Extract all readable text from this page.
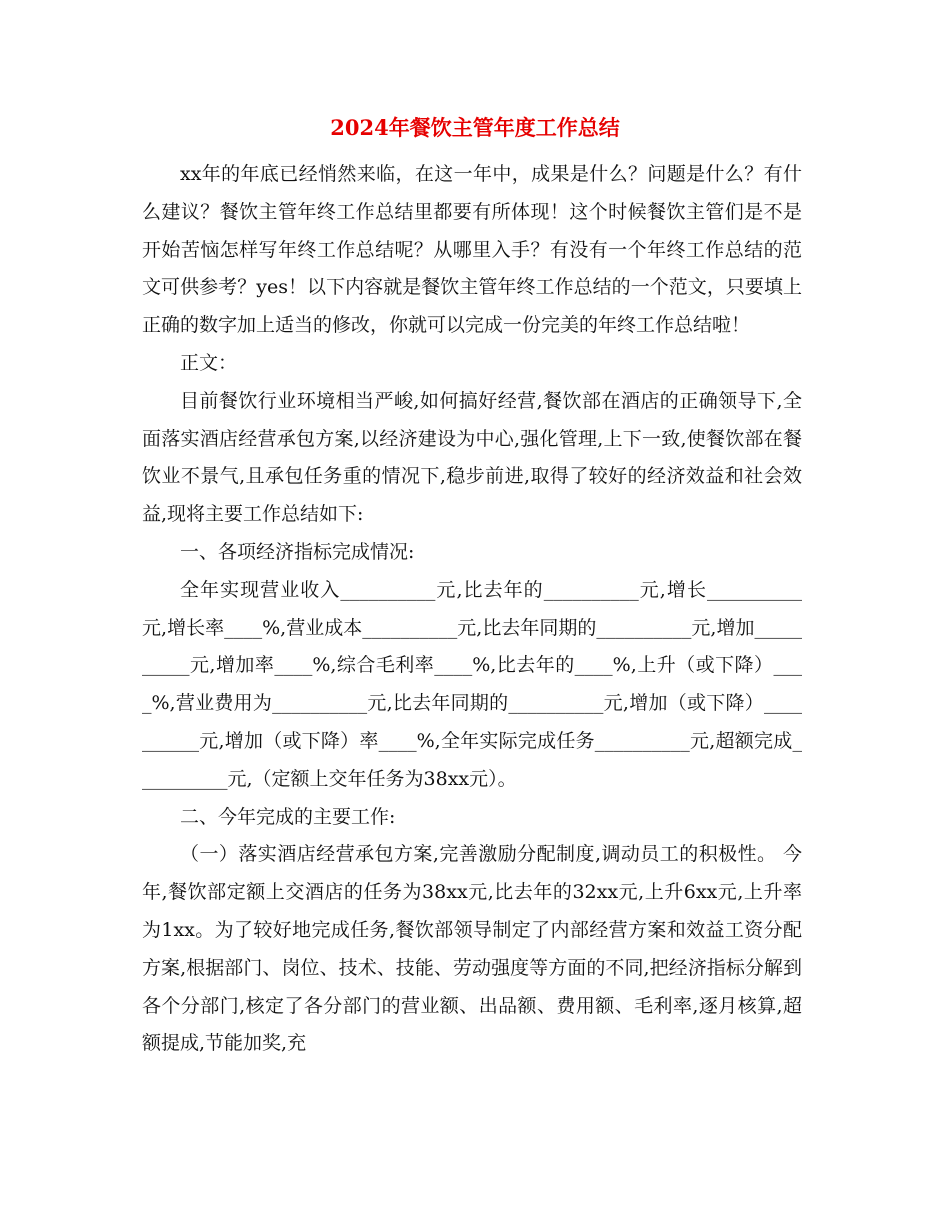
2024年餐饮主管年度工作总结

xx年的年底已经悄然来临，在这一年中，成果是什么？问题是什么？有什么建议？餐饮主管年终工作总结里都要有所体现！这个时候餐饮主管们是不是开始苦恼怎样写年终工作总结呢？从哪里入手？有没有一个年终工作总结的范文可供参考？yes！以下内容就是餐饮主管年终工作总结的一个范文，只要填上正确的数字加上适当的修改，你就可以完成一份完美的年终工作总结啦！

正文：

目前餐饮行业环境相当严峻,如何搞好经营,餐饮部在酒店的正确领导下,全面落实酒店经营承包方案,以经济建设为中心,强化管理,上下一致,使餐饮部在餐饮业不景气,且承包任务重的情况下,稳步前进,取得了较好的经济效益和社会效益,现将主要工作总结如下:

一、各项经济指标完成情况:

全年实现营业收入__________元,比去年的__________元,增长__________元,增长率____%,营业成本__________元,比去年同期的__________元,增加__________元,增加率____%,综合毛利率____%,比去年的____%,上升（或下降）____%,营业费用为__________元,比去年同期的__________元,增加（或下降）__________元,增加（或下降）率____%,全年实际完成任务__________元,超额完成__________元,（定额上交年任务为38xx元）。

二、今年完成的主要工作:

（一）落实酒店经营承包方案,完善激励分配制度,调动员工的积极性。 今年,餐饮部定额上交酒店的任务为38xx元,比去年的32xx元,上升6xx元,上升率为1xx。为了较好地完成任务,餐饮部领导制定了内部经营方案和效益工资分配方案,根据部门、岗位、技术、技能、劳动强度等方面的不同,把经济指标分解到各个分部门,核定了各分部门的营业额、出品额、费用额、毛利率,逐月核算,超额提成,节能加奖,充
